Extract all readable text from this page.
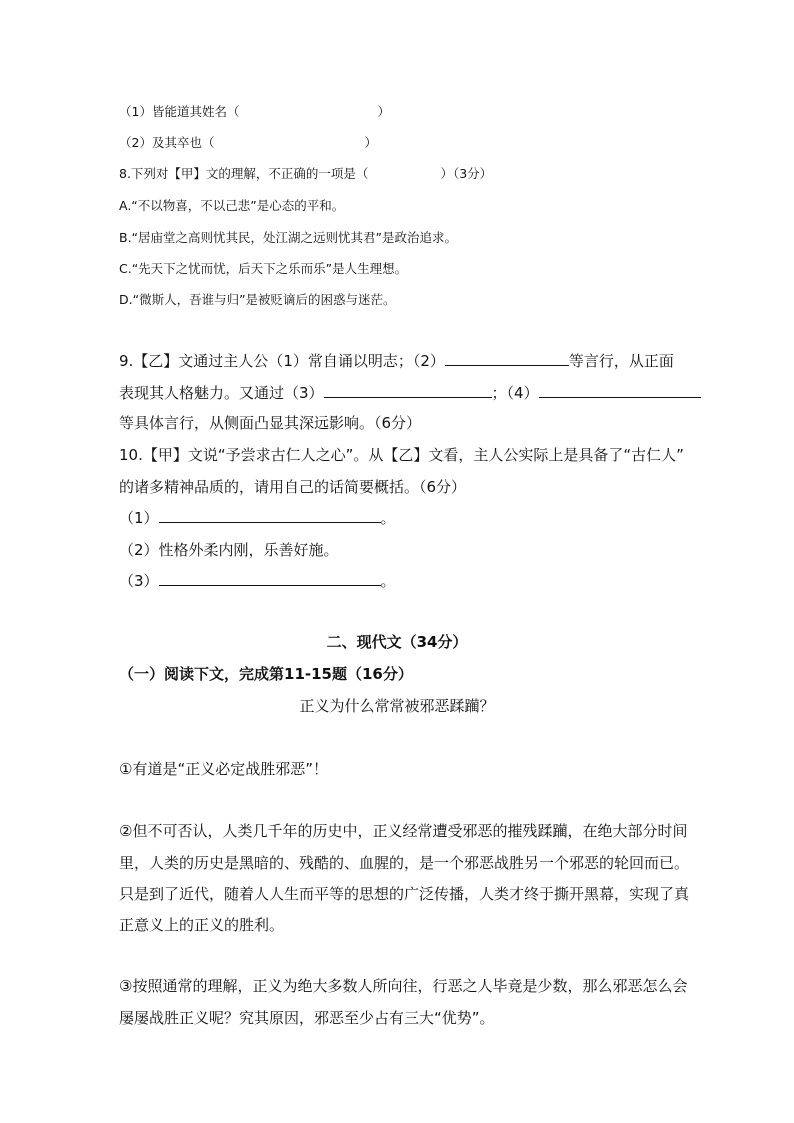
（1）皆能道其姓名（	）
（2）及其卒也（	）
8.下列对【甲】文的理解，不正确的一项是（	）（3分）
A.“不以物喜，不以己悲”是心态的平和。
B.“居庙堂之高则忧其民，处江湖之远则忧其君”是政治追求。
C.“先天下之忧而忧，后天下之乐而乐”是人生理想。
D.“微斯人，吾谁与归”是被贬谪后的困惑与迷茫。
9.【乙】文通过主人公（1）常自诵以明志；（2）	等言行，从正面
表现其人格魅力。又通过（3）	；（4）
等具体言行，从侧面凸显其深远影响。（6分）
10.【甲】文说“予尝求古仁人之心”。从【乙】文看，主人公实际上是具备了“古仁人”
的诸多精神品质的，请用自己的话简要概括。（6分）
（1）	。
（2）性格外柔内刚，乐善好施。
（3）	。
二、现代文（34分）
（一）阅读下文，完成第11-15题（16分）
正义为什么常常被邪恶蹂躏？
①有道是“正义必定战胜邪恶”！
②但不可否认，人类几千年的历史中，正义经常遭受邪恶的摧残蹂躏，在绝大部分时间
里，人类的历史是黑暗的、残酷的、血腥的，是一个邪恶战胜另一个邪恶的轮回而已。
只是到了近代，随着人人生而平等的思想的广泛传播，人类才终于撕开黑幕，实现了真
正意义上的正义的胜利。
③按照通常的理解，正义为绝大多数人所向往，行恶之人毕竟是少数，那么邪恶怎么会
屡屡战胜正义呢？究其原因，邪恶至少占有三大“优势”。
